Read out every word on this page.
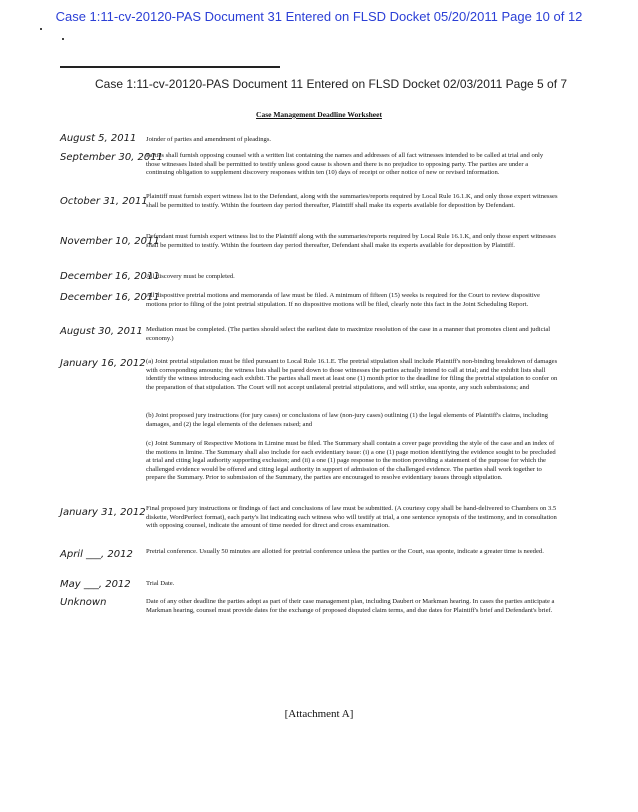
Case 1:11-cv-20120-PAS Document 31 Entered on FLSD Docket 05/20/2011 Page 10 of 12
Case 1:11-cv-20120-PAS Document 11 Entered on FLSD Docket 02/03/2011 Page 5 of 7
Case Management Deadline Worksheet
August 5, 2011	Joinder of parties and amendment of pleadings.
September 30, 2011
Parties shall furnish opposing counsel with a written list containing the names and addresses of all fact witnesses intended to be called at trial and only those witnesses listed shall be permitted to testify unless good cause is shown and there is no prejudice to opposing party. The parties are under a continuing obligation to supplement discovery responses within ten (10) days of receipt or other notice of new or revised information.
October 31, 2011
Plaintiff must furnish expert witness list to the Defendant, along with the summaries/reports required by Local Rule 16.1.K, and only those expert witnesses shall be permitted to testify. Within the fourteen day period thereafter, Plaintiff shall make its experts available for deposition by Defendant.
November 10, 2011
Defendant must furnish expert witness list to the Plaintiff along with the summaries/reports required by Local Rule 16.1.K, and only those expert witnesses shall be permitted to testify. Within the fourteen day period thereafter, Defendant shall make its experts available for deposition by Plaintiff.
December 16, 2011
All discovery must be completed.
December 16, 2011
All dispositive pretrial motions and memoranda of law must be filed. A minimum of fifteen (15) weeks is required for the Court to review dispositive motions prior to filing of the joint pretrial stipulation. If no dispositive motions will be filed, clearly note this fact in the Joint Scheduling Report.
August 30, 2011 Mediation must be completed. (The parties should select the earliest date to maximize resolution of the case in a manner that promotes client and judicial economy.)
January 16, 2012 (a) Joint pretrial stipulation must be filed pursuant to Local Rule 16.1.E. The pretrial stipulation shall include Plaintiff's non-binding breakdown of damages with corresponding amounts; the witness lists shall be pared down to those witnesses the parties actually intend to call at trial; and the exhibit lists shall identify the witness introducing each exhibit. The parties shall meet at least one (1) month prior to the deadline for filing the pretrial stipulation to confer on the preparation of that stipulation. The Court will not accept unilateral pretrial stipulations, and will strike, sua sponte, any such submissions; and
(b) Joint proposed jury instructions (for jury cases) or conclusions of law (non-jury cases) outlining (1) the legal elements of Plaintiff's claims, including damages, and (2) the legal elements of the defenses raised; and
(c) Joint Summary of Respective Motions in Limine must be filed. The Summary shall contain a cover page providing the style of the case and an index of the motions in limine. The Summary shall also include for each evidentiary issue: (i) a one (1) page motion identifying the evidence sought to be precluded at trial and citing legal authority supporting exclusion; and (ii) a one (1) page response to the motion providing a statement of the purpose for which the challenged evidence would be offered and citing legal authority in support of admission of the challenged evidence. The parties shall work together to prepare the Summary. Prior to submission of the Summary, the parties are encouraged to resolve evidentiary issues through stipulation.
January 31, 2012 Final proposed jury instructions or findings of fact and conclusions of law must be submitted. (A courtesy copy shall be hand-delivered to Chambers on 3.5 diskette, WordPerfect format), each party's list indicating each witness who will testify at trial, a one sentence synopsis of the testimony, and in consultation with opposing counsel, indicate the amount of time needed for direct and cross examination.
April ___, 2012	Pretrial conference. Usually 50 minutes are allotted for pretrial conference unless the parties or the Court, sua sponte, indicate a greater time is needed.
May ___, 2012	Trial Date.
Unknown	Date of any other deadline the parties adopt as part of their case management plan, including Daubert or Markman hearing. In cases the parties anticipate a Markman hearing, counsel must provide dates for the exchange of proposed disputed claim terms, and due dates for Plaintiff's brief and Defendant's brief.
[Attachment A]
